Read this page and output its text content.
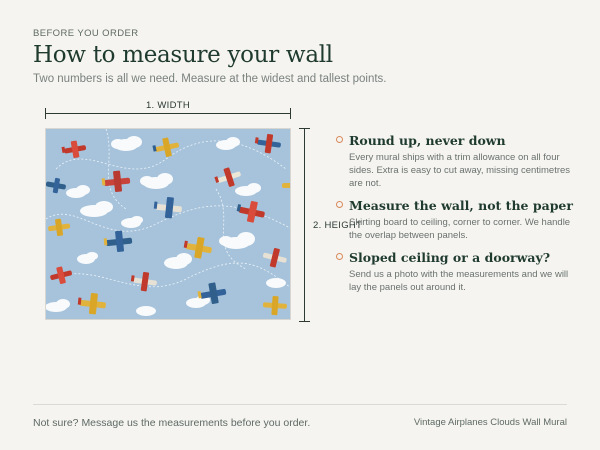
BEFORE YOU ORDER
How to measure your wall
Two numbers is all we need. Measure at the widest and tallest points.
1. WIDTH
2. HEIGHT
Round up, never down
Every mural ships with a trim allowance on all four sides. Extra is easy to cut away, missing centimetres are not.
Measure the wall, not the paper
Skirting board to ceiling, corner to corner. We handle the overlap between panels.
Sloped ceiling or a doorway?
Send us a photo with the measurements and we will lay the panels out around it.
Not sure? Message us the measurements before you order.	Vintage Airplanes Clouds Wall Mural
